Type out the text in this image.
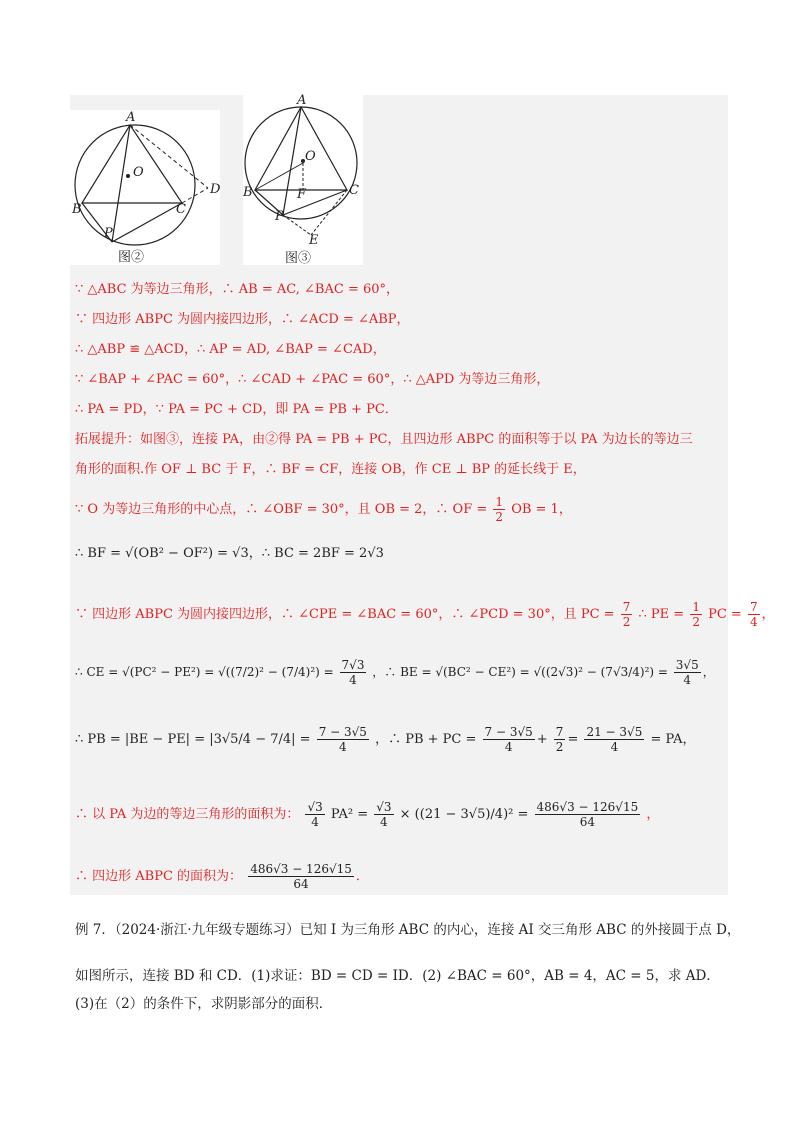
A
O
D
B	C
P
图②
A
O
F
B	C
P
E
图③
∵ △ABC 为等边三角形，∴ AB = AC, ∠BAC = 60°，
∵ 四边形 ABPC 为圆内接四边形，∴ ∠ACD = ∠ABP，
∴ △ABP ≌ △ACD，∴ AP = AD, ∠BAP = ∠CAD，
∵ ∠BAP + ∠PAC = 60°，∴ ∠CAD + ∠PAC = 60°，∴ △APD 为等边三角形，
∴ PA = PD，∵ PA = PC + CD，即 PA = PB + PC．
拓展提升：如图③，连接 PA，由②得 PA = PB + PC，且四边形 ABPC 的面积等于以 PA 为边长的等边三
角形的面积.作 OF ⊥ BC 于 F，∴ BF = CF，连接 OB，作 CE ⊥ BP 的延长线于 E，
∵ O 为等边三角形的中心点，∴ ∠OBF = 30°，且 OB = 2，∴ OF = $\frac{1}{2}$ OB = 1，
∴ BF = √(OB² − OF²) = √3，∴ BC = 2BF = 2√3
∵ 四边形 ABPC 为圆内接四边形，∴ ∠CPE = ∠BAC = 60°，∴ ∠PCD = 30°，且 PC = $\frac{7}{2}$ ∴ PE = $\frac{1}{2}$ PC = $\frac{7}{4}$ ，
∴ CE = $√(PC^2 - PE^2) = √((7/2)^2 - (7/4)^2) = \frac{7√3}{4}$ ，∴ BE = $√(BC^2 - CE^2) = √((2√3)^2 - (7√3/4)^2) = \frac{3√5}{4}$ ，
∴ PB = $|BE - PE| = |3√5/4 - 7/4| = \frac{7 - 3√5}{4}$ ，∴ PB + PC = $\frac{7 - 3√5}{4} + \frac{7}{2} = \frac{21 - 3√5}{4}$ = PA，
∴ 以 PA 为边的等边三角形的面积为： $\frac{√3}{4} PA^2 = \frac{√3}{4} \times ((21 - 3√5)/4)^2 = \frac{486√3 - 126√15}{64}$ ，
∴ 四边形 ABPC 的面积为： $\frac{486√3 - 126√15}{64}$ ．
例 7．（2024·浙江·九年级专题练习）已知 I 为三角形 ABC 的内心，连接 AI 交三角形 ABC 的外接圆于点 D，
如图所示，连接 BD 和 CD．(1)求证：BD = CD = ID．(2) ∠BAC = 60°，AB = 4，AC = 5，求 AD．
(3)在（2）的条件下，求阴影部分的面积．
